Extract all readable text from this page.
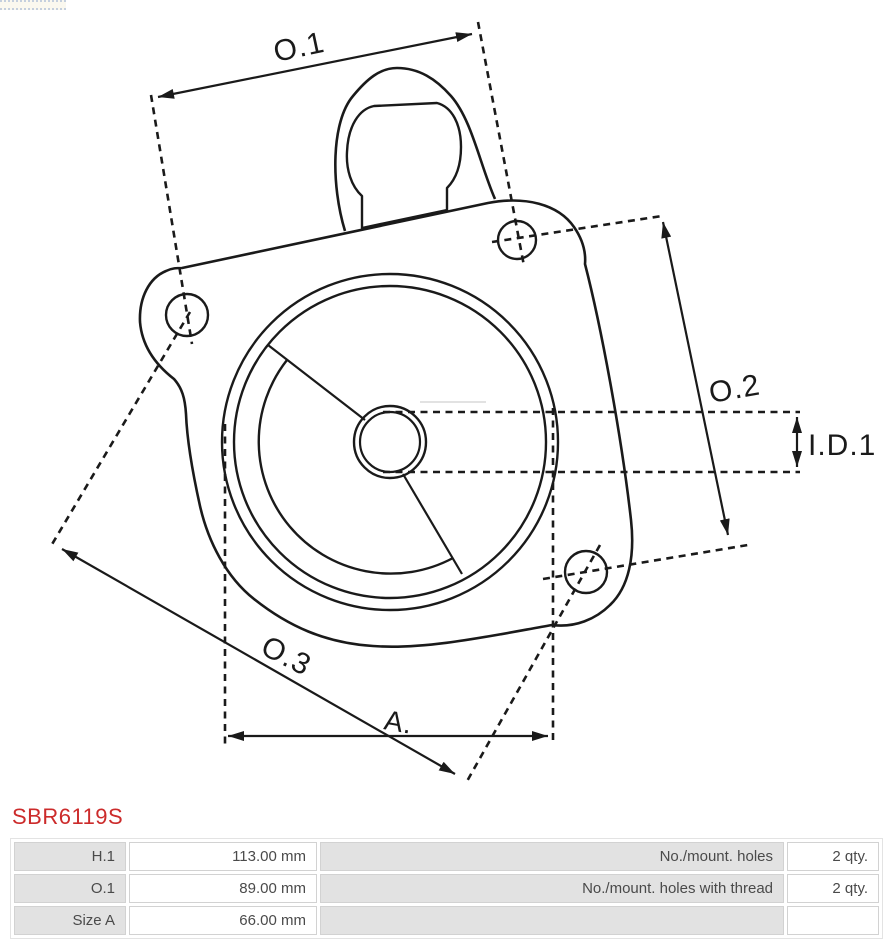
O.1
O.2
O.3
A.
I.D.1
SBR6119S
H.1	113.00 mm	No./mount. holes	2 qty.
O.1	89.00 mm	No./mount. holes with thread	2 qty.
Size A	66.00 mm		
